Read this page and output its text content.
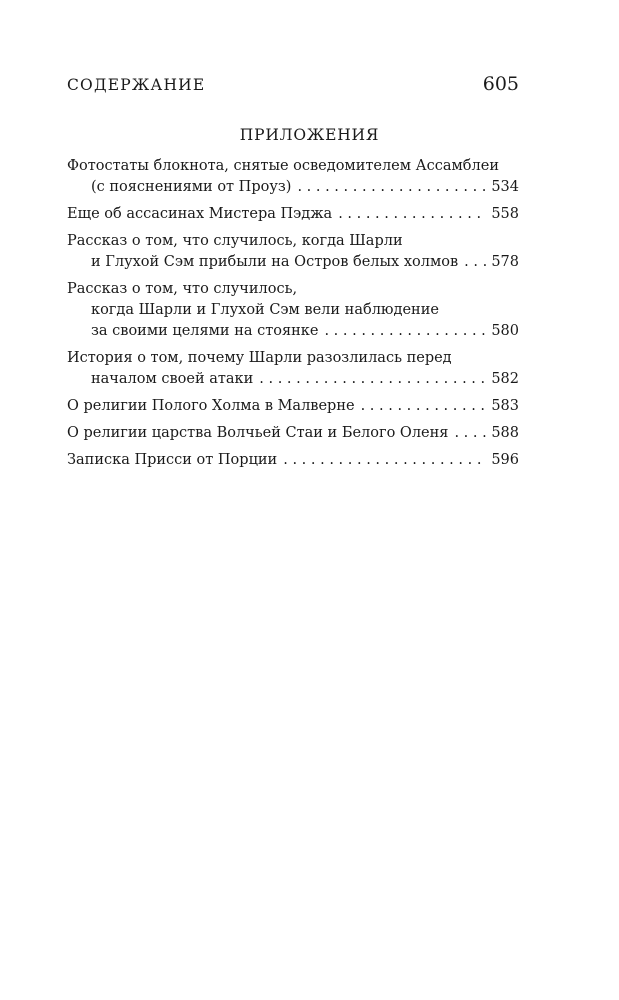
СОДЕРЖАНИЕ	605
ПРИЛОЖЕНИЯ
Фотостаты блокнота, снятые осведомителем Ассамблеи
(с пояснениями от Проуз) . . .	534
Еще об ассасинах Мистера Пэджа . . .	558
Рассказ о том, что случилось, когда Шарли
и Глухой Сэм прибыли на Остров белых холмов . . . 578
Рассказ о том, что случилось,
когда Шарли и Глухой Сэм вели наблюдение
за своими целями на стоянке . . .	580
История о том, почему Шарли разозлилась перед
началом своей атаки . . .	582
О религии Полого Холма в Малверне . . .	583
О религии царства Волчьей Стаи и Белого Оленя . . .	588
Записка Присси от Порции . . .	596
